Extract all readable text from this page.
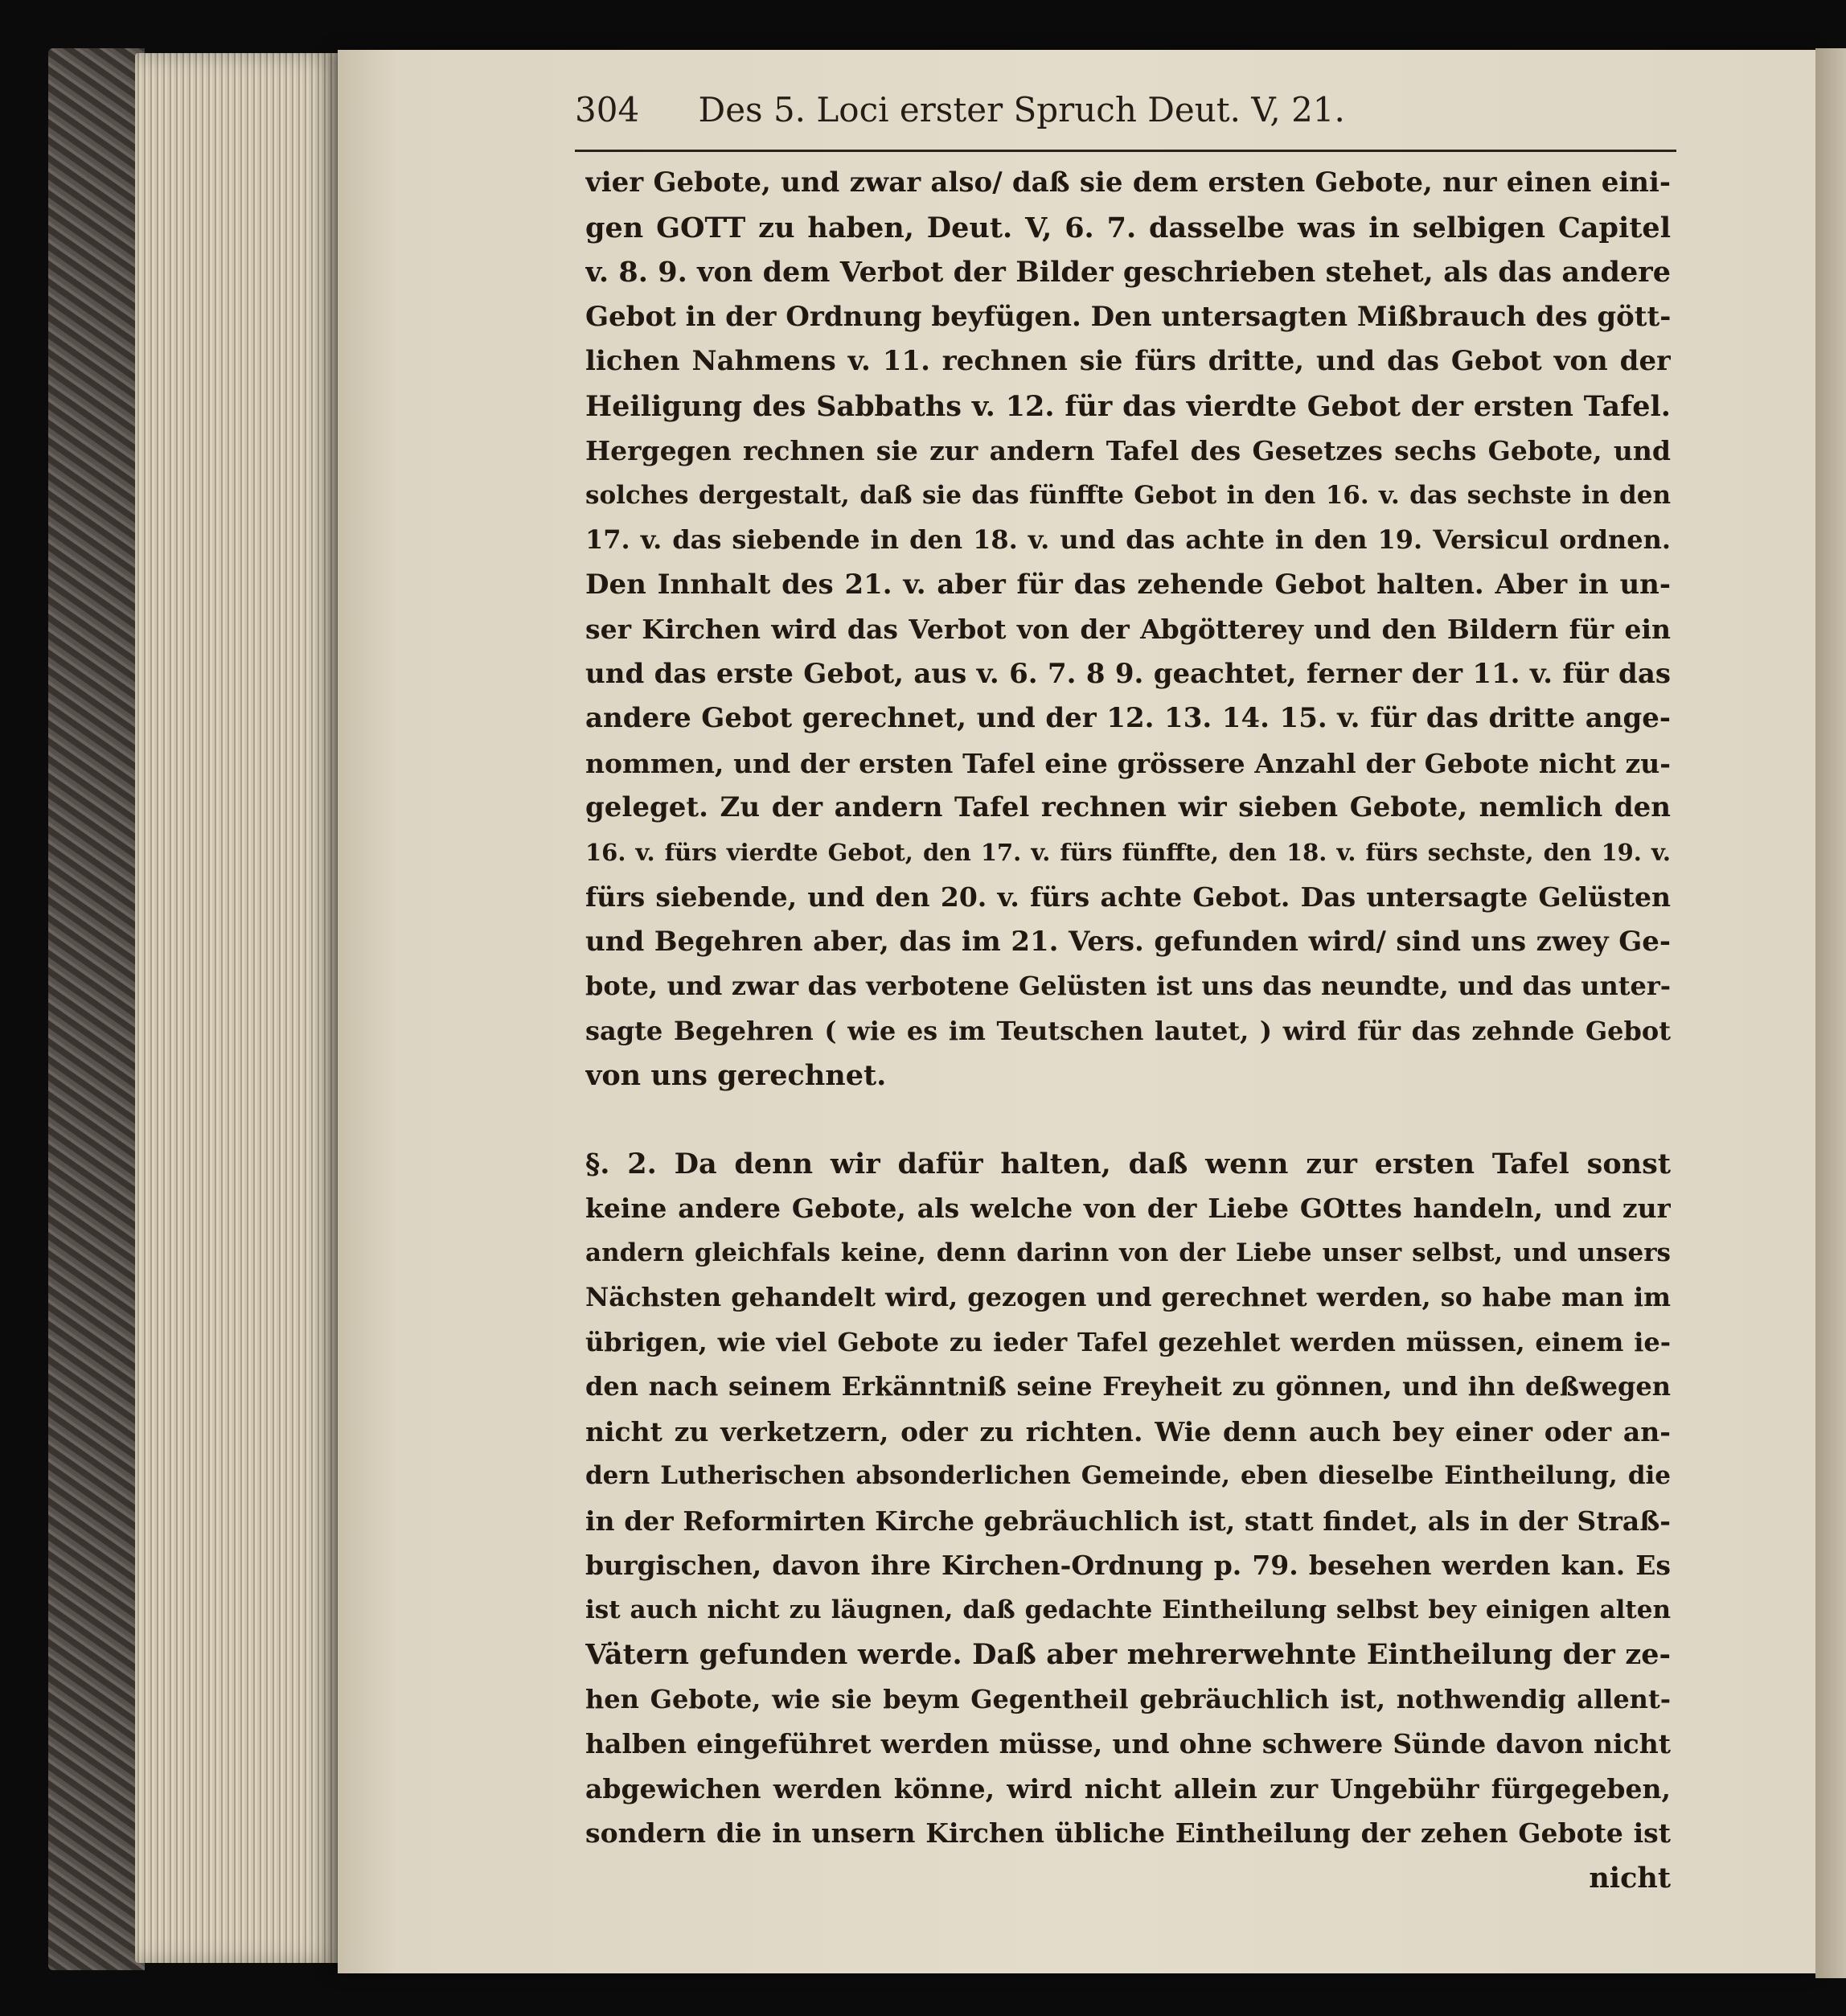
304 Des 5. Loci erster Spruch Deut. V, 21.
vier Gebote, und zwar also/ daß sie dem ersten Gebote, nur einen eini-
gen GOTT zu haben, Deut. V, 6. 7. dasselbe was in selbigen Capitel
v. 8. 9. von dem Verbot der Bilder geschrieben stehet, als das andere
Gebot in der Ordnung beyfügen. Den untersagten Mißbrauch des gött-
lichen Nahmens v. 11. rechnen sie fürs dritte, und das Gebot von der
Heiligung des Sabbaths v. 12. für das vierdte Gebot der ersten Tafel.
Hergegen rechnen sie zur andern Tafel des Gesetzes sechs Gebote, und
solches dergestalt, daß sie das fünffte Gebot in den 16. v. das sechste in den
17. v. das siebende in den 18. v. und das achte in den 19. Versicul ordnen.
Den Innhalt des 21. v. aber für das zehende Gebot halten. Aber in un-
ser Kirchen wird das Verbot von der Abgötterey und den Bildern für ein
und das erste Gebot, aus v. 6. 7. 8 9. geachtet, ferner der 11. v. für das
andere Gebot gerechnet, und der 12. 13. 14. 15. v. für das dritte ange-
nommen, und der ersten Tafel eine grössere Anzahl der Gebote nicht zu-
geleget. Zu der andern Tafel rechnen wir sieben Gebote, nemlich den
16. v. fürs vierdte Gebot, den 17. v. fürs fünffte, den 18. v. fürs sechste, den 19. v.
fürs siebende, und den 20. v. fürs achte Gebot. Das untersagte Gelüsten
und Begehren aber, das im 21. Vers. gefunden wird/ sind uns zwey Ge-
bote, und zwar das verbotene Gelüsten ist uns das neundte, und das unter-
sagte Begehren ( wie es im Teutschen lautet, ) wird für das zehnde Gebot
von uns gerechnet.
§. 2. Da denn wir dafür halten, daß wenn zur ersten Tafel sonst
keine andere Gebote, als welche von der Liebe GOttes handeln, und zur
andern gleichfals keine, denn darinn von der Liebe unser selbst, und unsers
Nächsten gehandelt wird, gezogen und gerechnet werden, so habe man im
übrigen, wie viel Gebote zu ieder Tafel gezehlet werden müssen, einem ie-
den nach seinem Erkänntniß seine Freyheit zu gönnen, und ihn deßwegen
nicht zu verketzern, oder zu richten. Wie denn auch bey einer oder an-
dern Lutherischen absonderlichen Gemeinde, eben dieselbe Eintheilung, die
in der Reformirten Kirche gebräuchlich ist, statt findet, als in der Straß-
burgischen, davon ihre Kirchen-Ordnung p. 79. besehen werden kan. Es
ist auch nicht zu läugnen, daß gedachte Eintheilung selbst bey einigen alten
Vätern gefunden werde. Daß aber mehrerwehnte Eintheilung der ze-
hen Gebote, wie sie beym Gegentheil gebräuchlich ist, nothwendig allent-
halben eingeführet werden müsse, und ohne schwere Sünde davon nicht
abgewichen werden könne, wird nicht allein zur Ungebühr fürgegeben,
sondern die in unsern Kirchen übliche Eintheilung der zehen Gebote ist
nicht
